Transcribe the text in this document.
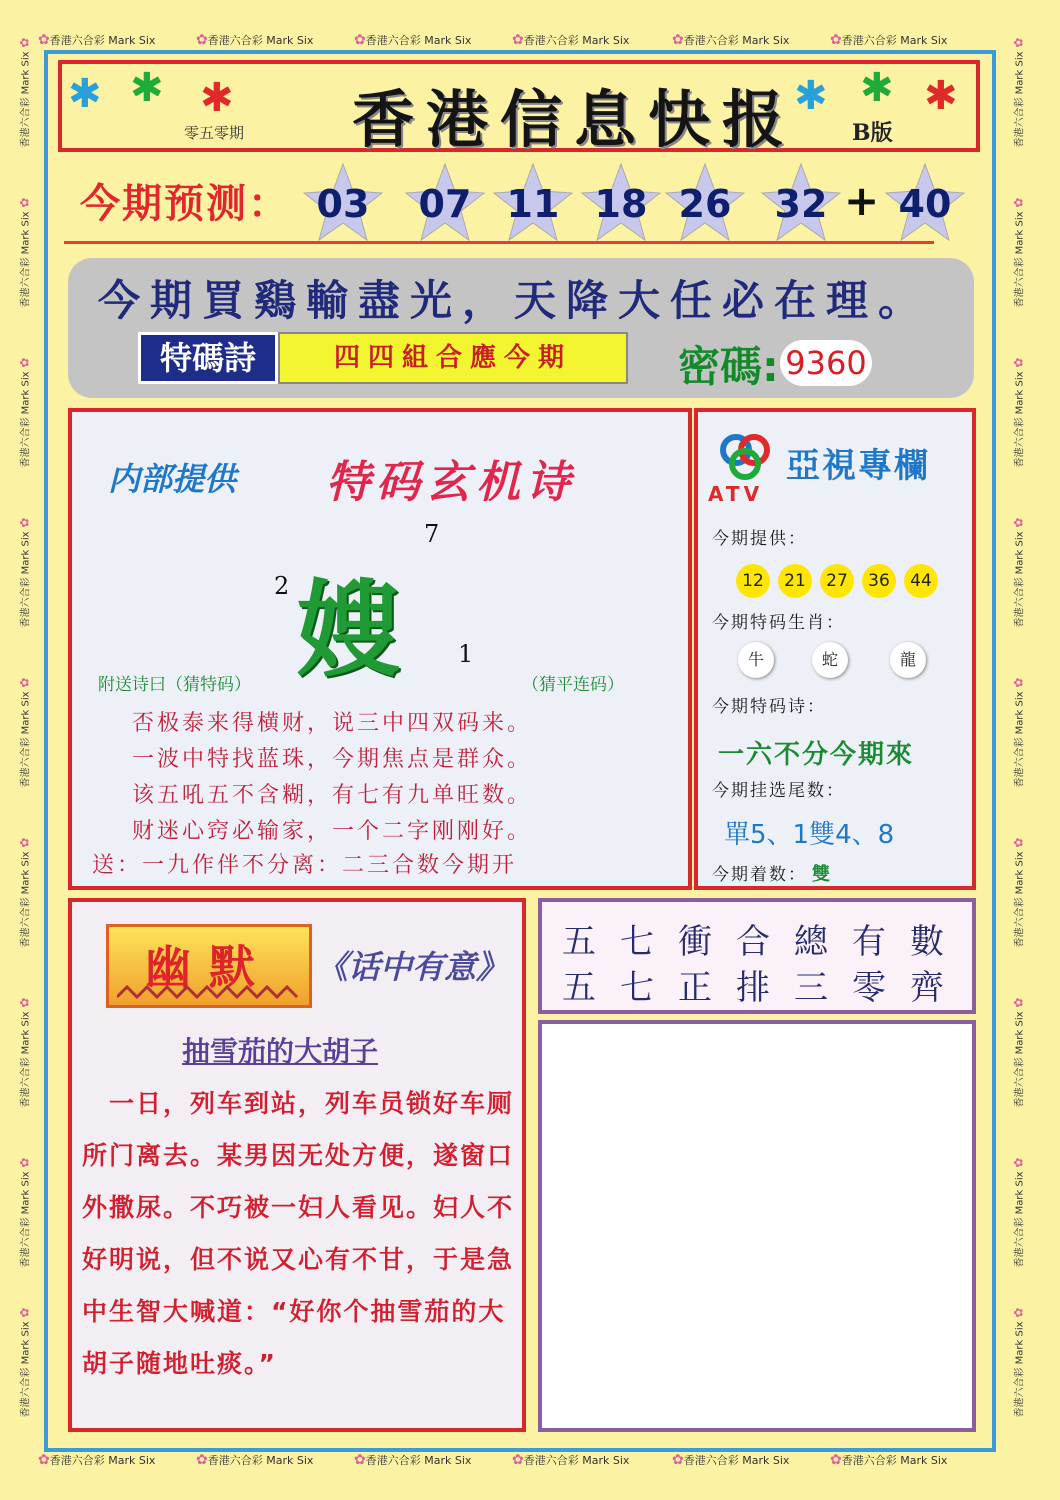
✿ 香港六合彩 Mark Six	✿ 香港六合彩 Mark Six	✿ 香港六合彩 Mark Six	✿ 香港六合彩 Mark Six	✿ 香港六合彩 Mark Six	✿ 香港六合彩 Mark Six
✿ 香港六合彩 Mark Six	✿ 香港六合彩 Mark Six	✿ 香港六合彩 Mark Six	✿ 香港六合彩 Mark Six	✿ 香港六合彩 Mark Six	✿ 香港六合彩 Mark Six
香港六合彩 Mark Six ✿
香港六合彩 Mark Six ✿
香港六合彩 Mark Six ✿
香港六合彩 Mark Six ✿
香港六合彩 Mark Six ✿
香港六合彩 Mark Six ✿
香港六合彩 Mark Six ✿
香港六合彩 Mark Six ✿
香港六合彩 Mark Six ✿
香港六合彩 Mark Six ✿
香港六合彩 Mark Six ✿
香港六合彩 Mark Six ✿
香港六合彩 Mark Six ✿
香港六合彩 Mark Six ✿
香港六合彩 Mark Six ✿
香港六合彩 Mark Six ✿
香港六合彩 Mark Six ✿
香港六合彩 Mark Six ✿
✱ ✱ ✱	✱ ✱ ✱
香港信息快报
零五零期	B版
今期预测： 03	07 11 18 26	32 + 40
今期買鷄輸盡光，天降大任必在理。
特碼詩	四四組合應今期	密碼: 9360
内部提供 特码玄机诗
7
2 嫂 1
附送诗曰（猜特码）	（猜平连码）
否极泰来得横财，说三中四双码来。
一波中特找蓝珠，今期焦点是群众。
该五吼五不含糊，有七有九单旺数。
财迷心窍必输家，一个二字刚刚好。
送：一九作伴不分离：二三合数今期开
ATV
亞視專欄
今期提供：
12	21	27	36	44
今期特码生肖：
牛	蛇	龍
今期特码诗：
一六不分今期來
今期挂选尾数：
單5、1雙4、8
今期着数： 雙
幽默	《话中有意》
抽雪茄的大胡子
　一日，列车到站，列车员锁好车厕所门离去。某男因无处方便，遂窗口外撒尿。不巧被一妇人看见。妇人不好明说，但不说又心有不甘，于是急中生智大喊道：“好你个抽雪茄的大胡子随地吐痰。”
五七衝合總有數
五七正排三零齊
